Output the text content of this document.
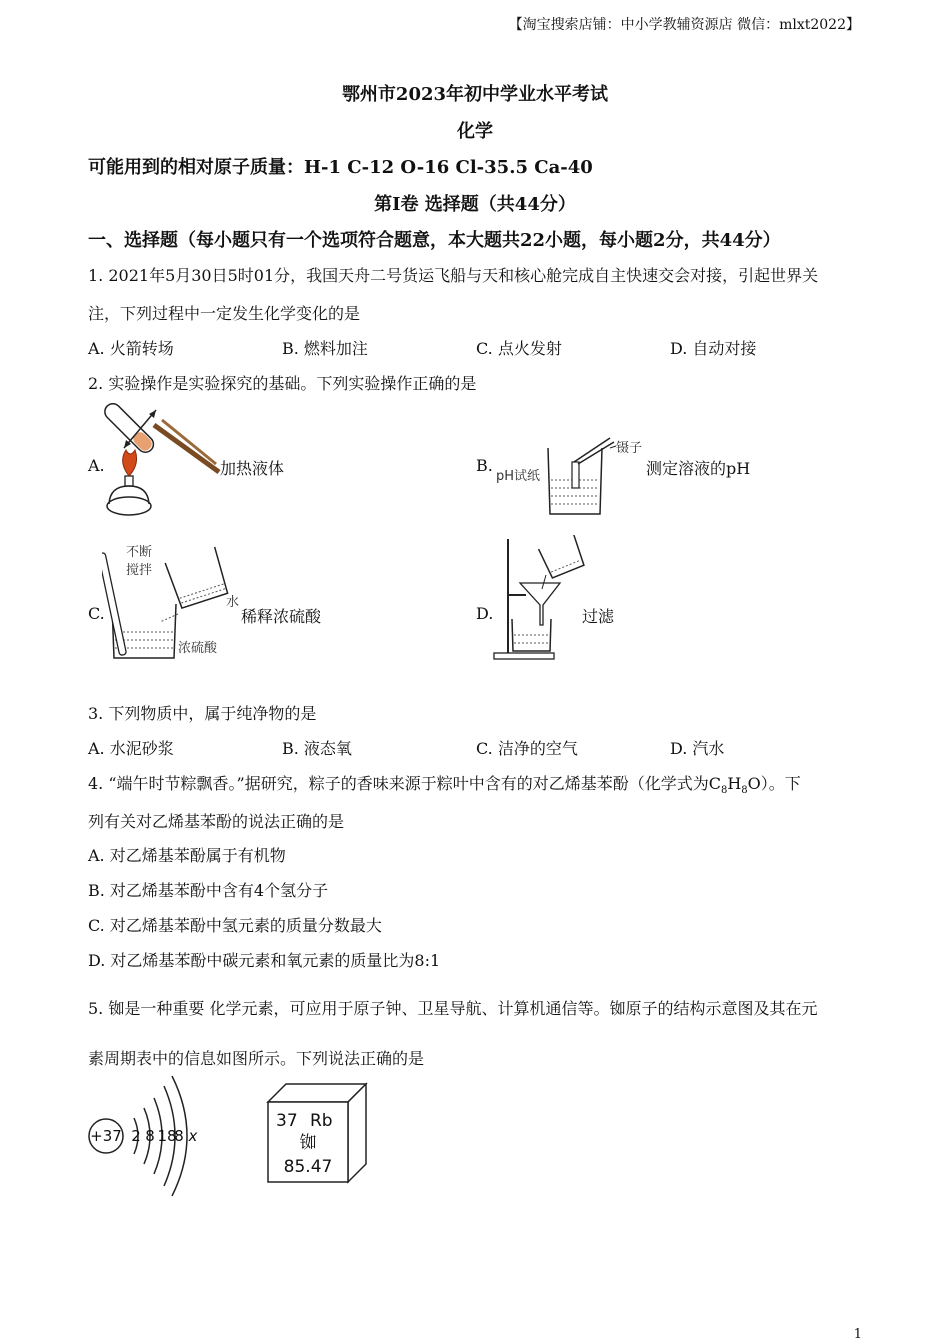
【淘宝搜索店铺：中小学教辅资源店 微信：mlxt2022】
鄂州市2023年初中学业水平考试
化学
可能用到的相对原子质量：H-1 C-12 O-16 Cl-35.5 Ca-40
第Ⅰ卷 选择题（共44分）
一、选择题（每小题只有一个选项符合题意，本大题共22小题，每小题2分，共44分）
1. 2021年5月30日5时01分，我国天舟二号货运飞船与天和核心舱完成自主快速交会对接，引起世界关
注，下列过程中一定发生化学变化的是
A. 火箭转场	B. 燃料加注	C. 点火发射	D. 自动对接
2. 实验操作是实验探究的基础。下列实验操作正确的是
A.	加热液体	B.
pH试纸
镊子
测定溶液的pH
C.
不断
搅拌
水
浓硫酸
稀释浓硫酸	D.	过滤
3. 下列物质中，属于纯净物的是
A. 水泥砂浆	B. 液态氧	C. 洁净的空气	D. 汽水
4. “端午时节粽飘香。”据研究，粽子的香味来源于粽叶中含有的对乙烯基苯酚（化学式为$C_8H_8O$）。下
列有关对乙烯基苯酚的说法正确的是
A. 对乙烯基苯酚属于有机物
B. 对乙烯基苯酚中含有4个氢分子
C. 对乙烯基苯酚中氢元素的质量分数最大
D. 对乙烯基苯酚中碳元素和氧元素的质量比为8:1
5. 铷是一种重要 化学元素，可应用于原子钟、卫星导航、计算机通信等。铷原子的结构示意图及其在元
素周期表中的信息如图所示。下列说法正确的是
+37 2 8 18
8 x
37 Rb
铷
85.47
1
